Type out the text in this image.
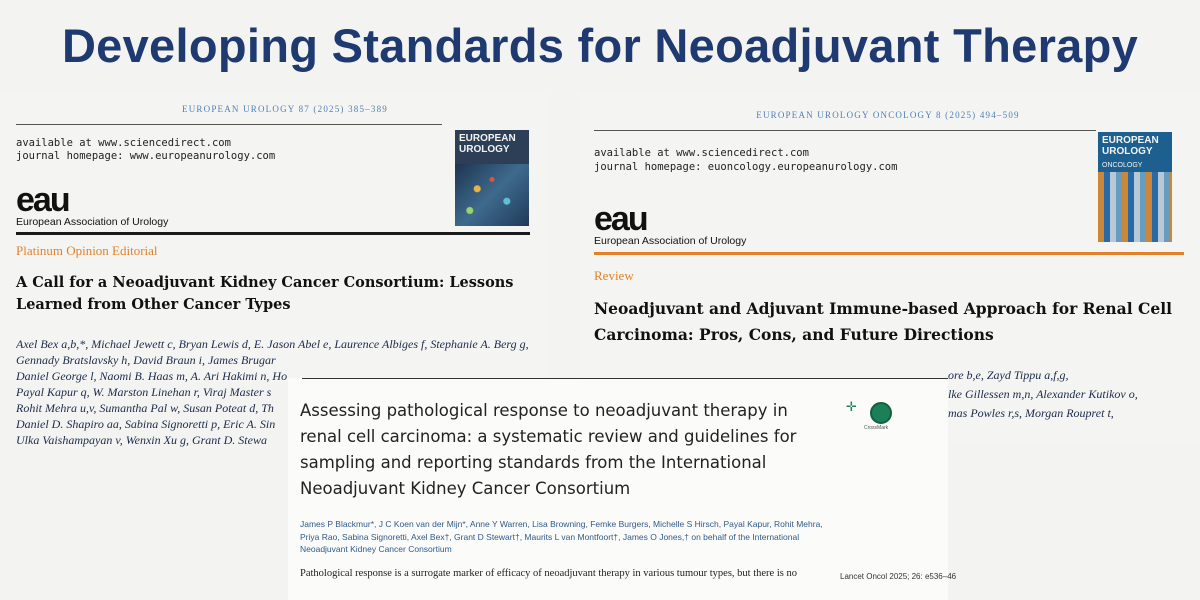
Developing Standards for Neoadjuvant Therapy
EUROPEAN UROLOGY 87 (2025) 385–389
available at www.sciencedirect.com
journal homepage: www.europeanurology.com
eau
European Association of Urology
EUROPEAN UROLOGY
Platinum Opinion Editorial
A Call for a Neoadjuvant Kidney Cancer Consortium: Lessons Learned from Other Cancer Types
Axel Bex a,b,*, Michael Jewett c, Bryan Lewis d, E. Jason Abel e, Laurence Albiges f, Stephanie A. Berg g,
Gennady Bratslavsky h, David Braun i, James Brugar
Daniel George l, Naomi B. Haas m, A. Ari Hakimi n, Ho
Payal Kapur q, W. Marston Linehan r, Viraj Master s
Rohit Mehra u,v, Sumantha Pal w, Susan Poteat d, Th
Daniel D. Shapiro aa, Sabina Signoretti p, Eric A. Sin
Ulka Vaishampayan v, Wenxin Xu g, Grant D. Stewa
EUROPEAN UROLOGY ONCOLOGY 8 (2025) 494–509
available at www.sciencedirect.com
journal homepage: euoncology.europeanurology.com
eau
European Association of Urology
EUROPEAN UROLOGY
ONCOLOGY
Review
Neoadjuvant and Adjuvant Immune-based Approach for Renal Cell Carcinoma: Pros, Cons, and Future Directions
ore b,e, Zayd Tippu a,f,g,
lke Gillessen m,n, Alexander Kutikov o,
mas Powles r,s, Morgan Roupret t,
Assessing pathological response to neoadjuvant therapy in renal cell carcinoma: a systematic review and guidelines for sampling and reporting standards from the International Neoadjuvant Kidney Cancer Consortium
✛
CrossMark
James P Blackmur*, J C Koen van der Mijn*, Anne Y Warren, Lisa Browning, Femke Burgers, Michelle S Hirsch, Payal Kapur, Rohit Mehra, Priya Rao, Sabina Signoretti, Axel Bex†, Grant D Stewart†, Maurits L van Montfoort†, James O Jones,† on behalf of the International Neoadjuvant Kidney Cancer Consortium
Pathological response is a surrogate marker of efficacy of neoadjuvant therapy in various tumour types, but there is no	Lancet Oncol 2025; 26: e536–46
